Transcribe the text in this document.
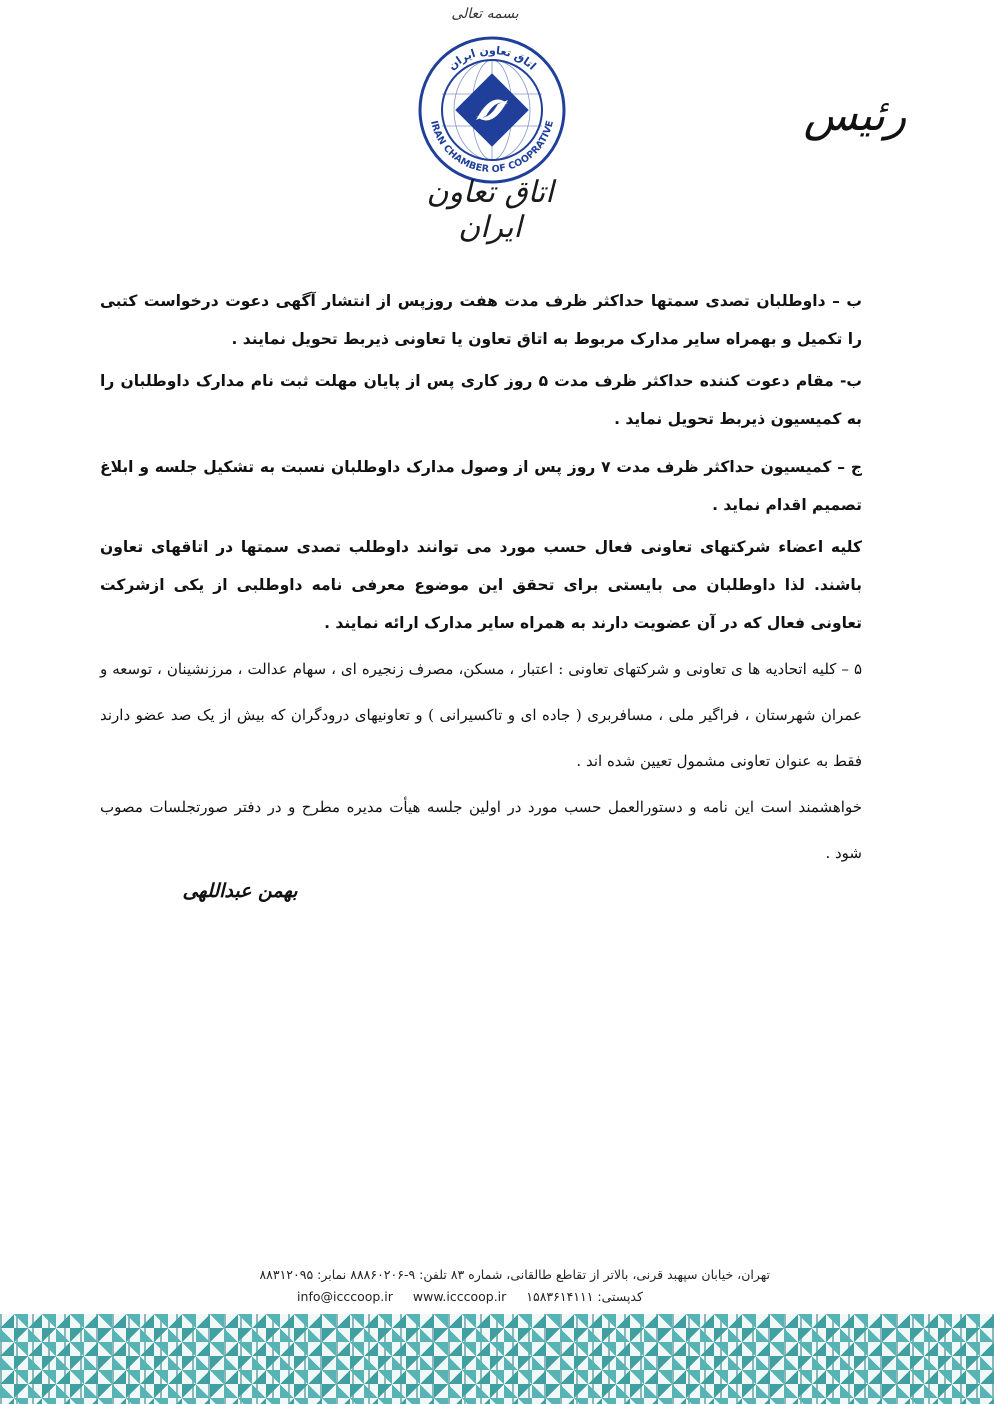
بسمه تعالی
اتاق تعاون ایران
IRAN CHAMBER OF COOPRATIVE
اتاق تعاون ایران
رئیس

ب – داوطلبان تصدی سمتها حداکثر ظرف مدت هفت روزپس از انتشار آگهی دعوت درخواست کتبی را تکمیل و بهمراه سایر مدارک مربوط به اتاق تعاون یا تعاونی ذیربط تحویل نمایند .

ب- مقام دعوت کننده حداکثر ظرف مدت ۵ روز کاری پس از پایان مهلت ثبت نام مدارک داوطلبان را به کمیسیون ذیربط تحویل نماید .

ج – کمیسیون حداکثر ظرف مدت ۷ روز پس از وصول مدارک داوطلبان نسبت به تشکیل جلسه و ابلاغ تصمیم اقدام نماید .

کلیه اعضاء شرکتهای تعاونی فعال حسب مورد می توانند داوطلب تصدی سمتها در اتاقهای تعاون باشند. لذا داوطلبان می بایستی برای تحقق این موضوع معرفی نامه داوطلبی از یکی ازشرکت تعاونی فعال که در آن عضویت دارند به همراه سایر مدارک ارائه نمایند .

۵ – کلیه اتحادیه ها ی تعاونی و شرکتهای تعاونی : اعتبار ، مسکن، مصرف زنجیره ای ، سهام عدالت ، مرزنشینان ، توسعه و عمران شهرستان ، فراگیر ملی ، مسافربری ( جاده ای و تاکسیرانی ) و تعاونیهای درودگران که بیش از یک صد عضو دارند فقط به عنوان تعاونی مشمول تعیین شده اند .

خواهشمند است این نامه و دستورالعمل حسب مورد در اولین جلسه هیأت مدیره مطرح و در دفتر صورتجلسات مصوب شود .

بهمن عبداللهی
تهران، خیابان سپهبد قرنی، بالاتر از تقاطع طالقانی، شماره ۸۳ تلفن: ۹-۸۸۸۶۰۲۰۶ نمابر: ۸۸۳۱۲۰۹۵
کدپستی: ۱۵۸۳۶۱۴۱۱۱ info@icccoop.ir www.icccoop.ir
